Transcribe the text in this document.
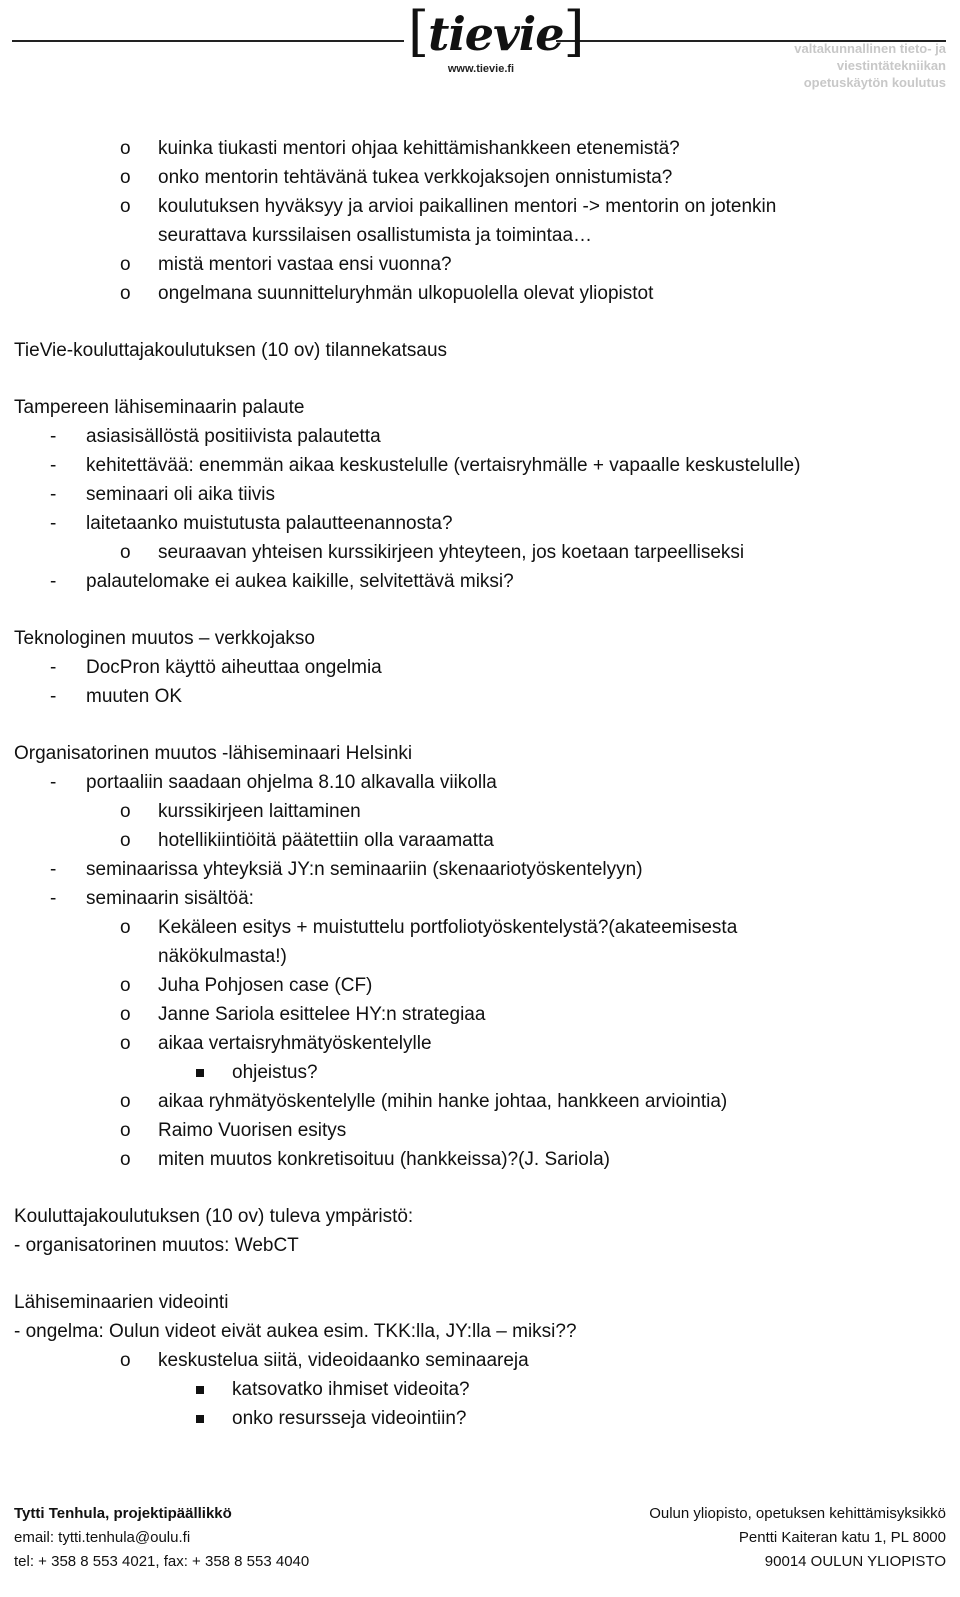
[tievie]
www.tievie.fi
valtakunnallinen tieto- ja
viestintätekniikan
opetuskäytön koulutus
o kuinka tiukasti mentori ohjaa kehittämishankkeen etenemistä?
o onko mentorin tehtävänä tukea verkkojaksojen onnistumista?
o koulutuksen hyväksyy ja arvioi paikallinen mentori -> mentorin on jotenkin
seurattava kurssilaisen osallistumista ja toimintaa…
o mistä mentori vastaa ensi vuonna?
o ongelmana suunnitteluryhmän ulkopuolella olevat yliopistot
TieVie-kouluttajakoulutuksen (10 ov) tilannekatsaus
Tampereen lähiseminaarin palaute
- asiasisällöstä positiivista palautetta
- kehitettävää: enemmän aikaa keskustelulle (vertaisryhmälle + vapaalle keskustelulle)
- seminaari oli aika tiivis
- laitetaanko muistutusta palautteenannosta?
o seuraavan yhteisen kurssikirjeen yhteyteen, jos koetaan tarpeelliseksi
- palautelomake ei aukea kaikille, selvitettävä miksi?
Teknologinen muutos – verkkojakso
- DocPron käyttö aiheuttaa ongelmia
- muuten OK
Organisatorinen muutos -lähiseminaari Helsinki
- portaaliin saadaan ohjelma 8.10 alkavalla viikolla
o kurssikirjeen laittaminen
o hotellikiintiöitä päätettiin olla varaamatta
- seminaarissa yhteyksiä JY:n seminaariin (skenaariotyöskentelyyn)
- seminaarin sisältöä:
o Kekäleen esitys + muistuttelu portfoliotyöskentelystä?(akateemisesta
näkökulmasta!)
o Juha Pohjosen case (CF)
o Janne Sariola esittelee HY:n strategiaa
o aikaa vertaisryhmätyöskentelylle
ohjeistus?
o aikaa ryhmätyöskentelylle (mihin hanke johtaa, hankkeen arviointia)
o Raimo Vuorisen esitys
o miten muutos konkretisoituu (hankkeissa)?(J. Sariola)
Kouluttajakoulutuksen (10 ov) tuleva ympäristö:
- organisatorinen muutos: WebCT
Lähiseminaarien videointi
- ongelma: Oulun videot eivät aukea esim. TKK:lla, JY:lla – miksi??
o keskustelua siitä, videoidaanko seminaareja
katsovatko ihmiset videoita?
onko resursseja videointiin?
Tytti Tenhula, projektipäällikkö	Oulun yliopisto, opetuksen kehittämisyksikkö
email: tytti.tenhula@oulu.fi	Pentti Kaiteran katu 1, PL 8000
tel: + 358 8 553 4021, fax: + 358 8 553 4040	90014 OULUN YLIOPISTO
